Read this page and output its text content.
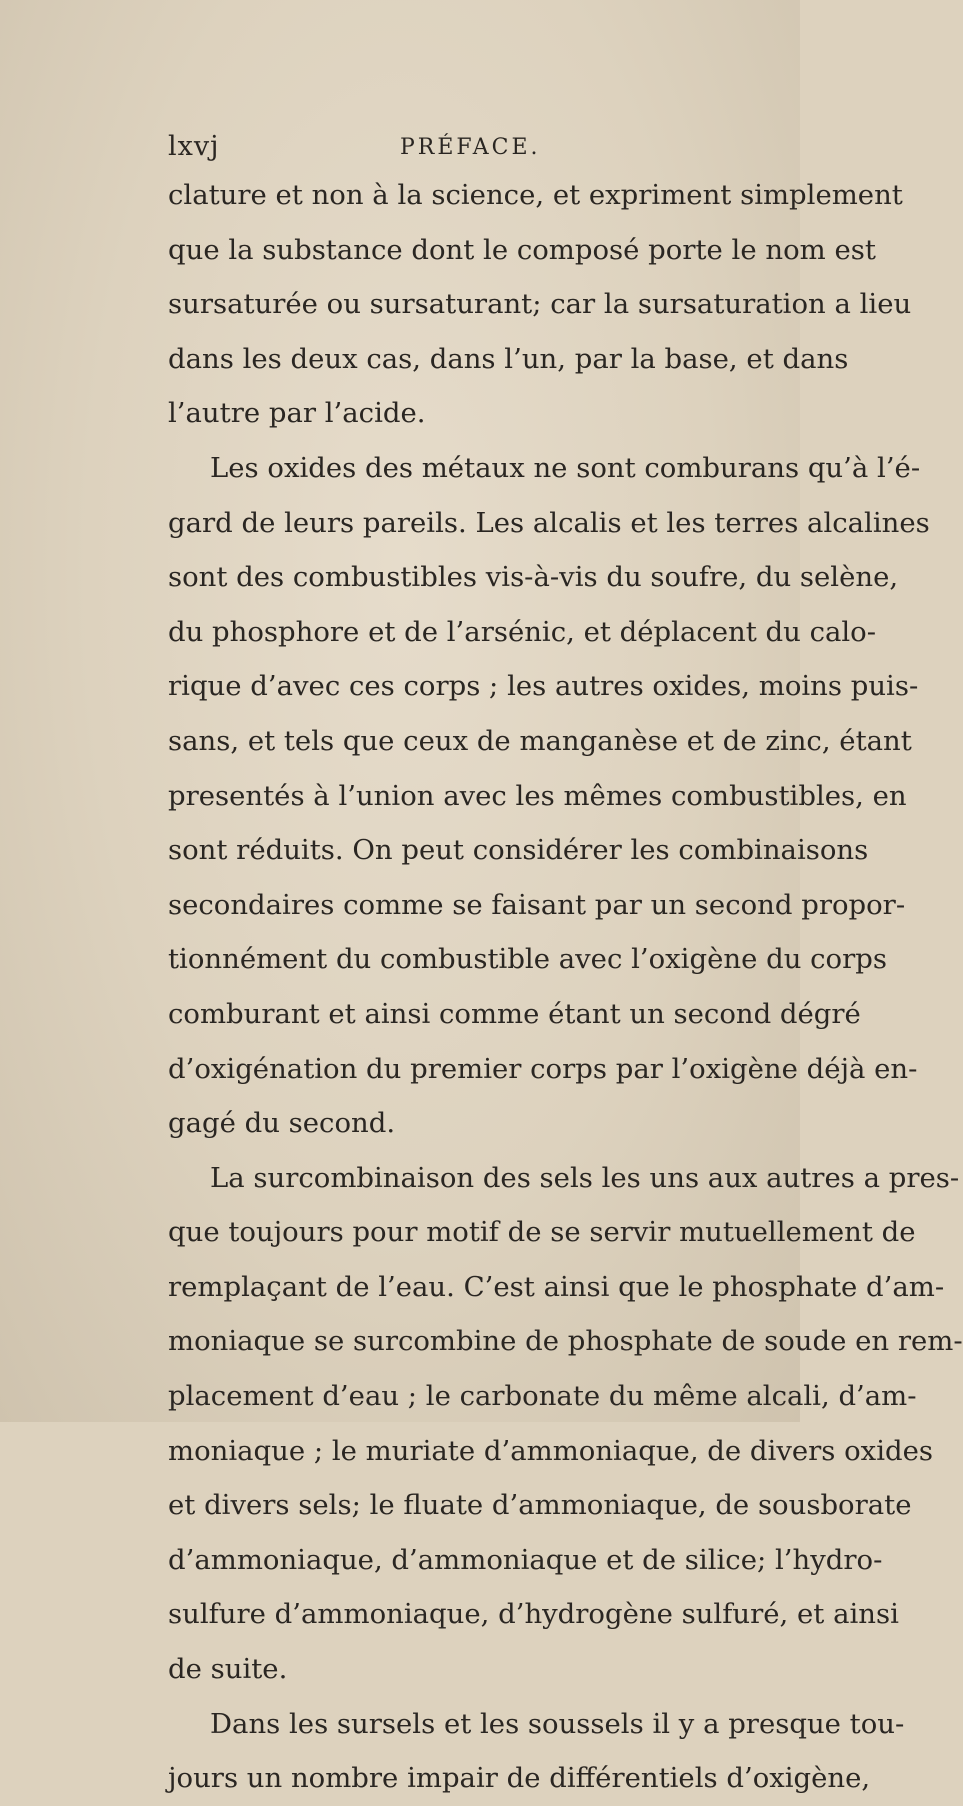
lxvj	PRÉFACE.
clature et non à la science, et expriment simplement
que la substance dont le composé porte le nom est
sursaturée ou sursaturant; car la sursaturation a lieu
dans les deux cas, dans l’un, par la base, et dans
l’autre par l’acide.
Les oxides des métaux ne sont comburans qu’à l’é-
gard de leurs pareils. Les alcalis et les terres alcalines
sont des combustibles vis-à-vis du soufre, du selène,
du phosphore et de l’arsénic, et déplacent du calo-
rique d’avec ces corps ; les autres oxides, moins puis-
sans, et tels que ceux de manganèse et de zinc, étant
presentés à l’union avec les mêmes combustibles, en
sont réduits. On peut considérer les combinaisons
secondaires comme se faisant par un second propor-
tionnément du combustible avec l’oxigène du corps
comburant et ainsi comme étant un second dégré
d’oxigénation du premier corps par l’oxigène déjà en-
gagé du second.
La surcombinaison des sels les uns aux autres a pres-
que toujours pour motif de se servir mutuellement de
remplaçant de l’eau. C’est ainsi que le phosphate d’am-
moniaque se surcombine de phosphate de soude en rem-
placement d’eau ; le carbonate du même alcali, d’am-
moniaque ; le muriate d’ammoniaque, de divers oxides
et divers sels; le fluate d’ammoniaque, de sousborate
d’ammoniaque, d’ammoniaque et de silice; l’hydro-
sulfure d’ammoniaque, d’hydrogène sulfuré, et ainsi
de suite.
Dans les sursels et les soussels il y a presque tou-
jours un nombre impair de différentiels d’oxigène,
